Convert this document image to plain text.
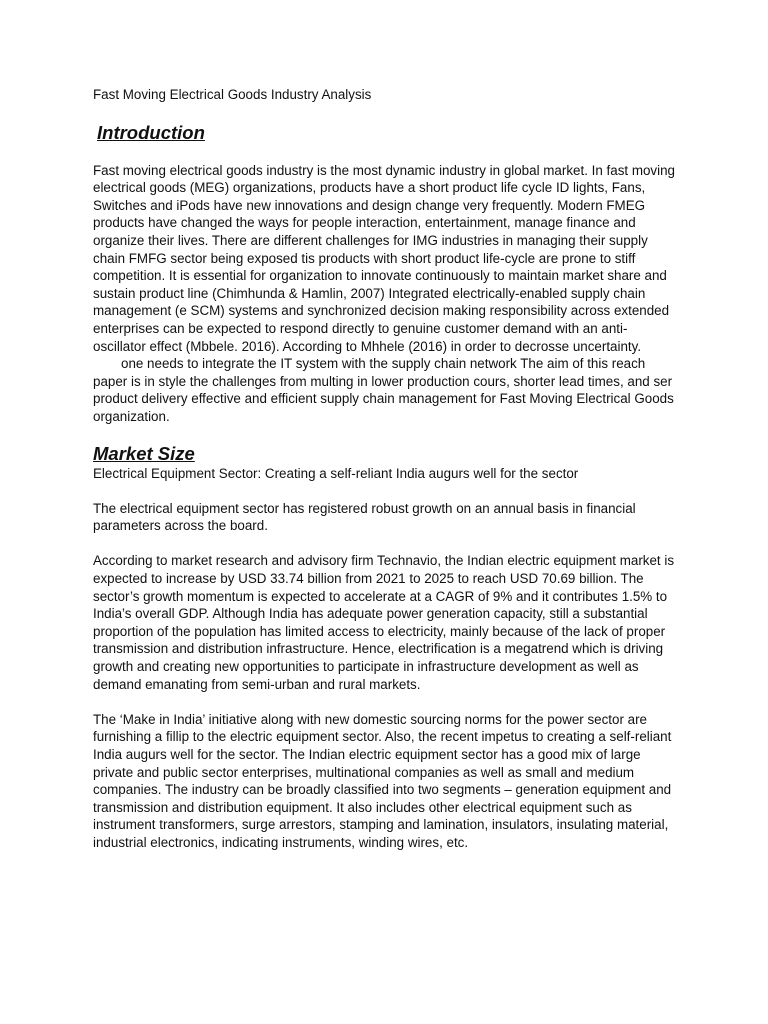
Fast Moving Electrical Goods Industry Analysis
Introduction

Fast moving electrical goods industry is the most dynamic industry in global market. In fast moving electrical goods (MEG) organizations, products have a short product life cycle ID lights, Fans, Switches and iPods have new innovations and design change very frequently. Modern FMEG products have changed the ways for people interaction, entertainment, manage finance and organize their lives. There are different challenges for IMG industries in managing their supply chain FMFG sector being exposed tis products with short product life-cycle are prone to stiff competition. It is essential for organization to innovate continuously to maintain market share and sustain product line (Chimhunda & Hamlin, 2007) Integrated electrically-enabled supply chain management (e SCM) systems and synchronized decision making responsibility across extended enterprises can be expected to respond directly to genuine customer demand with an anti-oscillator effect (Mbbele. 2016). According to Mhhele (2016) in order to decrosse uncertainty.

one needs to integrate the IT system with the supply chain network The aim of this reach paper is in style the challenges from multing in lower production cours, shorter lead times, and ser product delivery effective and efficient supply chain management for Fast Moving Electrical Goods organization.

Market Size

Electrical Equipment Sector: Creating a self-reliant India augurs well for the sector

The electrical equipment sector has registered robust growth on an annual basis in financial parameters across the board.

According to market research and advisory firm Technavio, the Indian electric equipment market is expected to increase by USD 33.74 billion from 2021 to 2025 to reach USD 70.69 billion. The sector’s growth momentum is expected to accelerate at a CAGR of 9% and it contributes 1.5% to India’s overall GDP. Although India has adequate power generation capacity, still a substantial proportion of the population has limited access to electricity, mainly because of the lack of proper transmission and distribution infrastructure. Hence, electrification is a megatrend which is driving growth and creating new opportunities to participate in infrastructure development as well as demand emanating from semi-urban and rural markets.

The ‘Make in India’ initiative along with new domestic sourcing norms for the power sector are furnishing a fillip to the electric equipment sector. Also, the recent impetus to creating a self-reliant India augurs well for the sector. The Indian electric equipment sector has a good mix of large private and public sector enterprises, multinational companies as well as small and medium companies. The industry can be broadly classified into two segments – generation equipment and transmission and distribution equipment. It also includes other electrical equipment such as instrument transformers, surge arrestors, stamping and lamination, insulators, insulating material, industrial electronics, indicating instruments, winding wires, etc.
